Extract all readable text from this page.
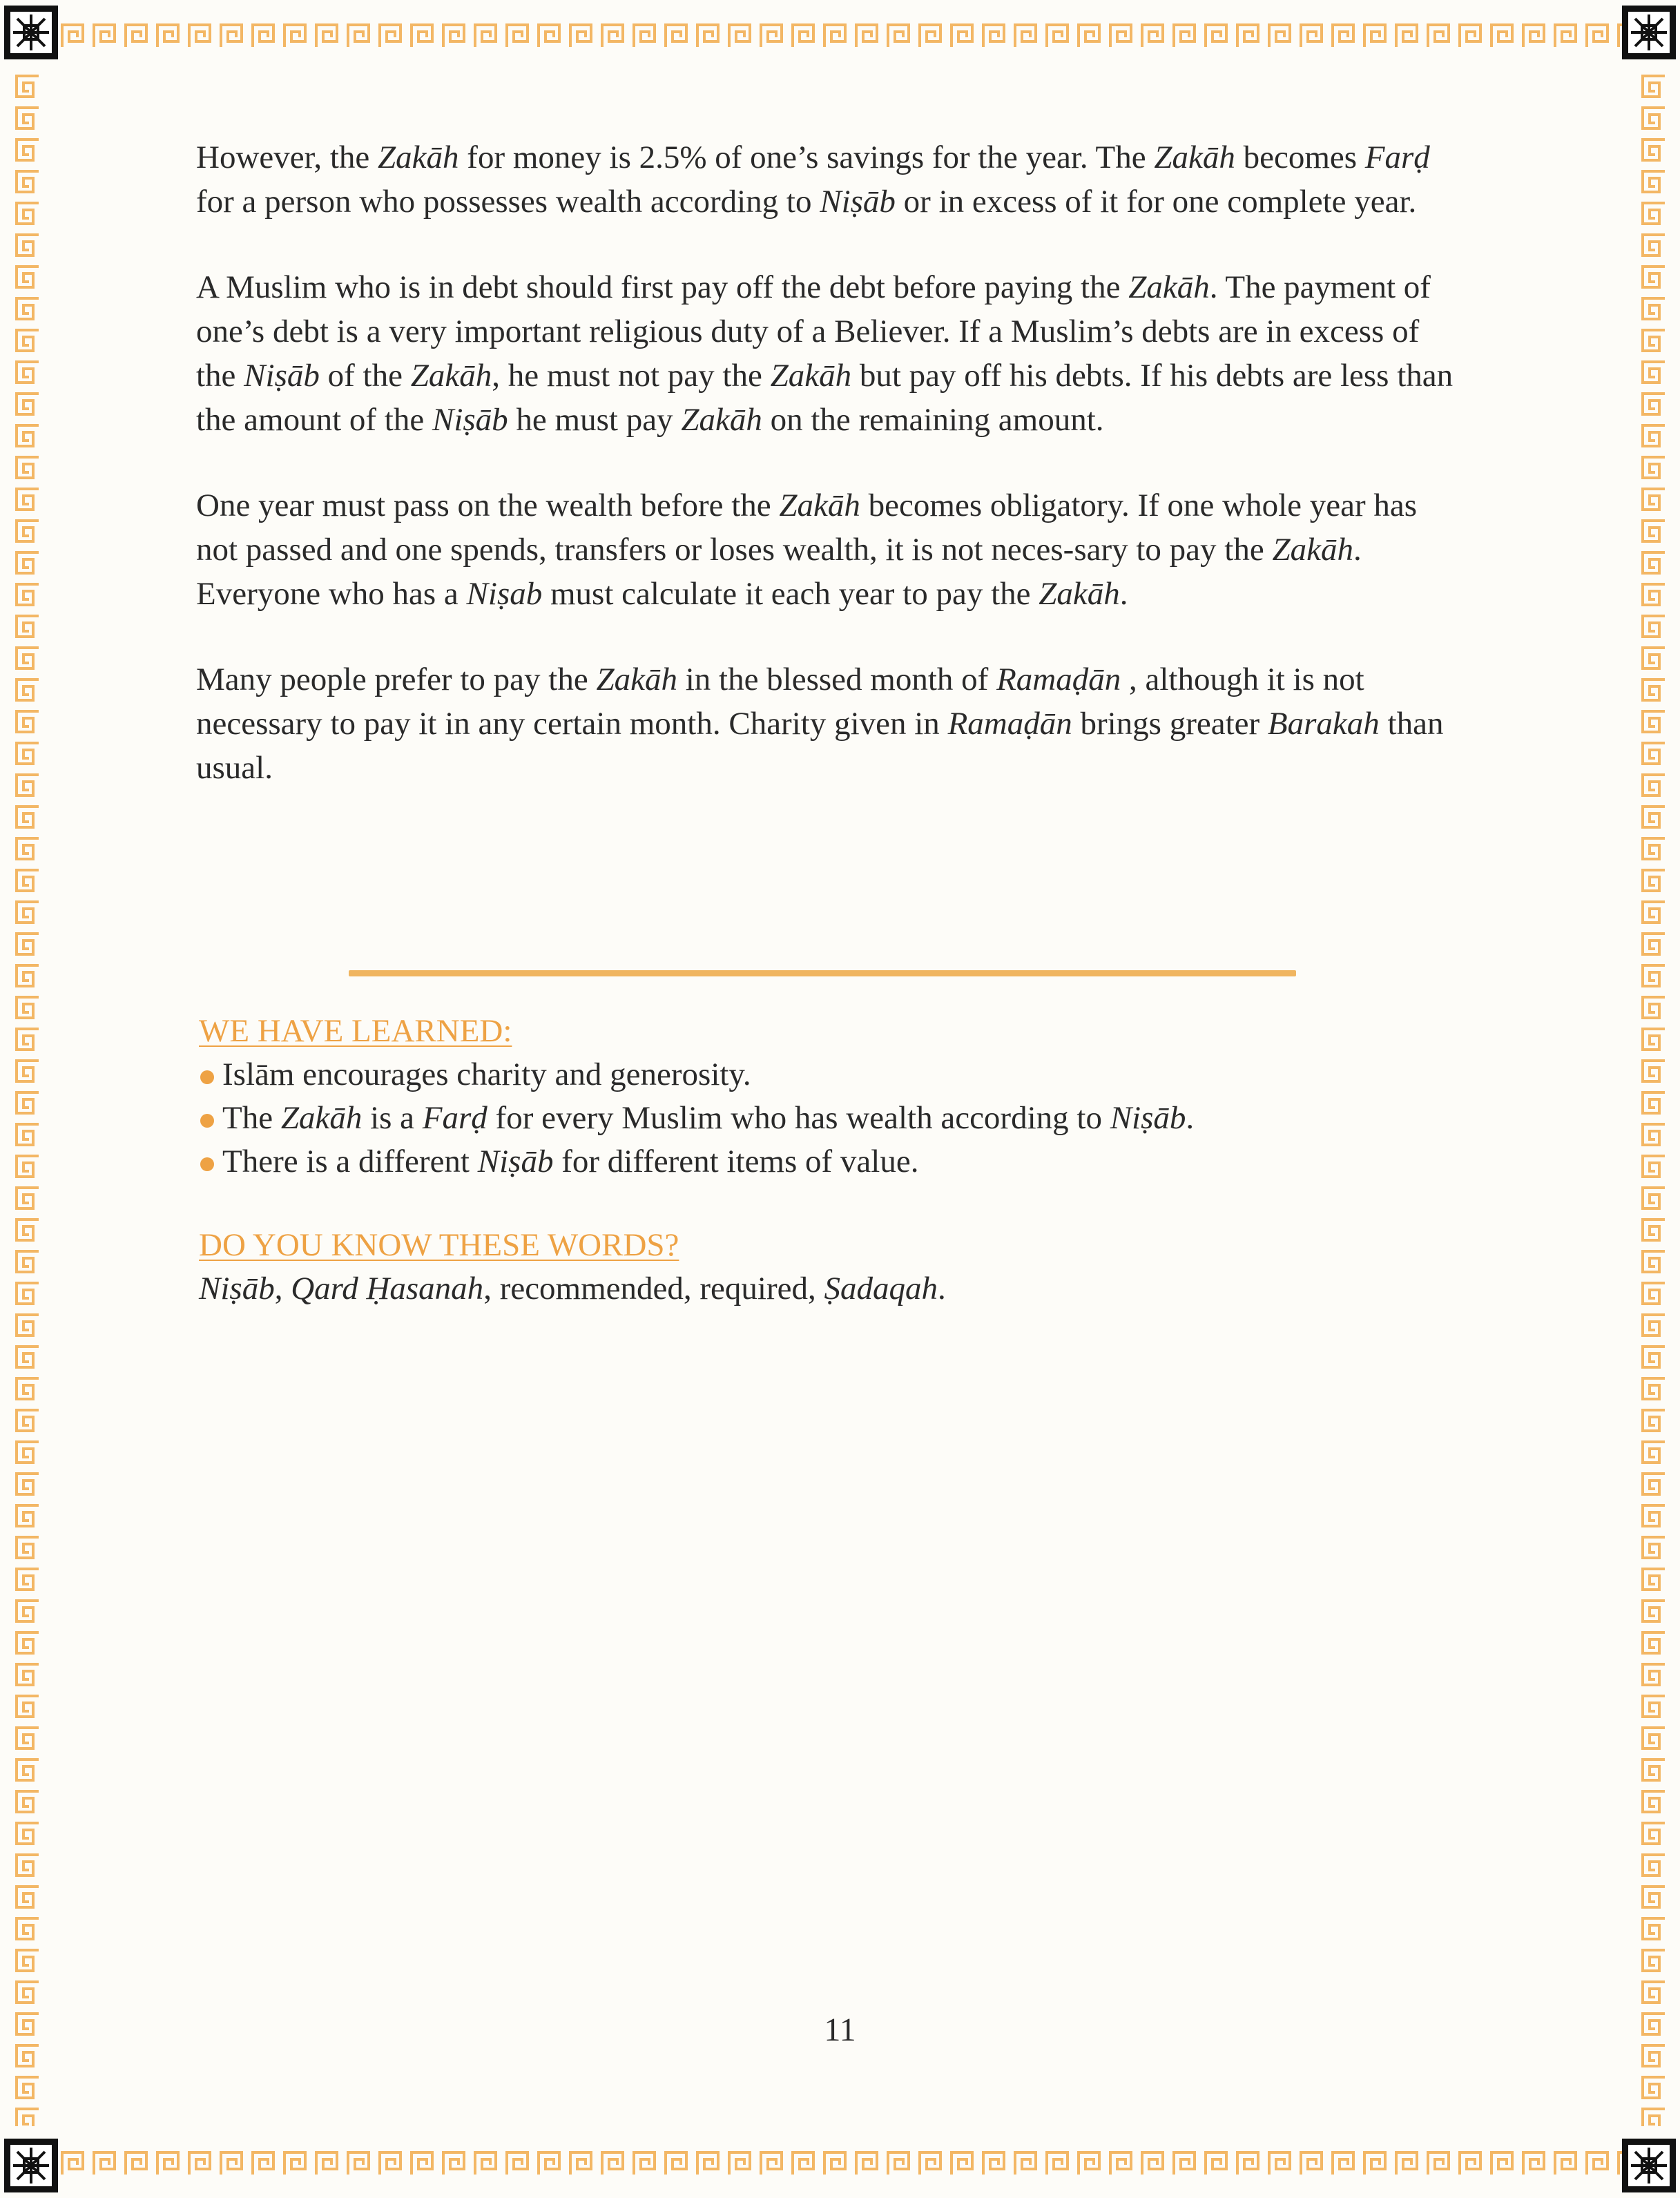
However, the Zakāh for money is 2.5% of one’s savings for the year. The Zakāh becomes Farḍ for a person who possesses wealth according to Niṣāb or in excess of it for one complete year.

A Muslim who is in debt should first pay off the debt before paying the Zakāh. The payment of one’s debt is a very important religious duty of a Believer. If a Muslim’s debts are in excess of the Niṣāb of the Zakāh, he must not pay the Zakāh but pay off his debts. If his debts are less than the amount of the Niṣāb he must pay Zakāh on the remaining amount.

One year must pass on the wealth before the Zakāh becomes obligatory. If one whole year has not passed and one spends, transfers or loses wealth, it is not neces-sary to pay the Zakāh. Everyone who has a Niṣab must calculate it each year to pay the Zakāh.

Many people prefer to pay the Zakāh in the blessed month of Ramaḍān , although it is not necessary to pay it in any certain month. Charity given in Ramaḍān brings greater Barakah than usual.

WE HAVE LEARNED:
Islām encourages charity and generosity.
The Zakāh is a Farḍ for every Muslim who has wealth according to Niṣāb.
There is a different Niṣāb for different items of value.
DO YOU KNOW THESE WORDS?
Niṣāb, Qard Ḥasanah, recommended, required, Ṣadaqah.
11
